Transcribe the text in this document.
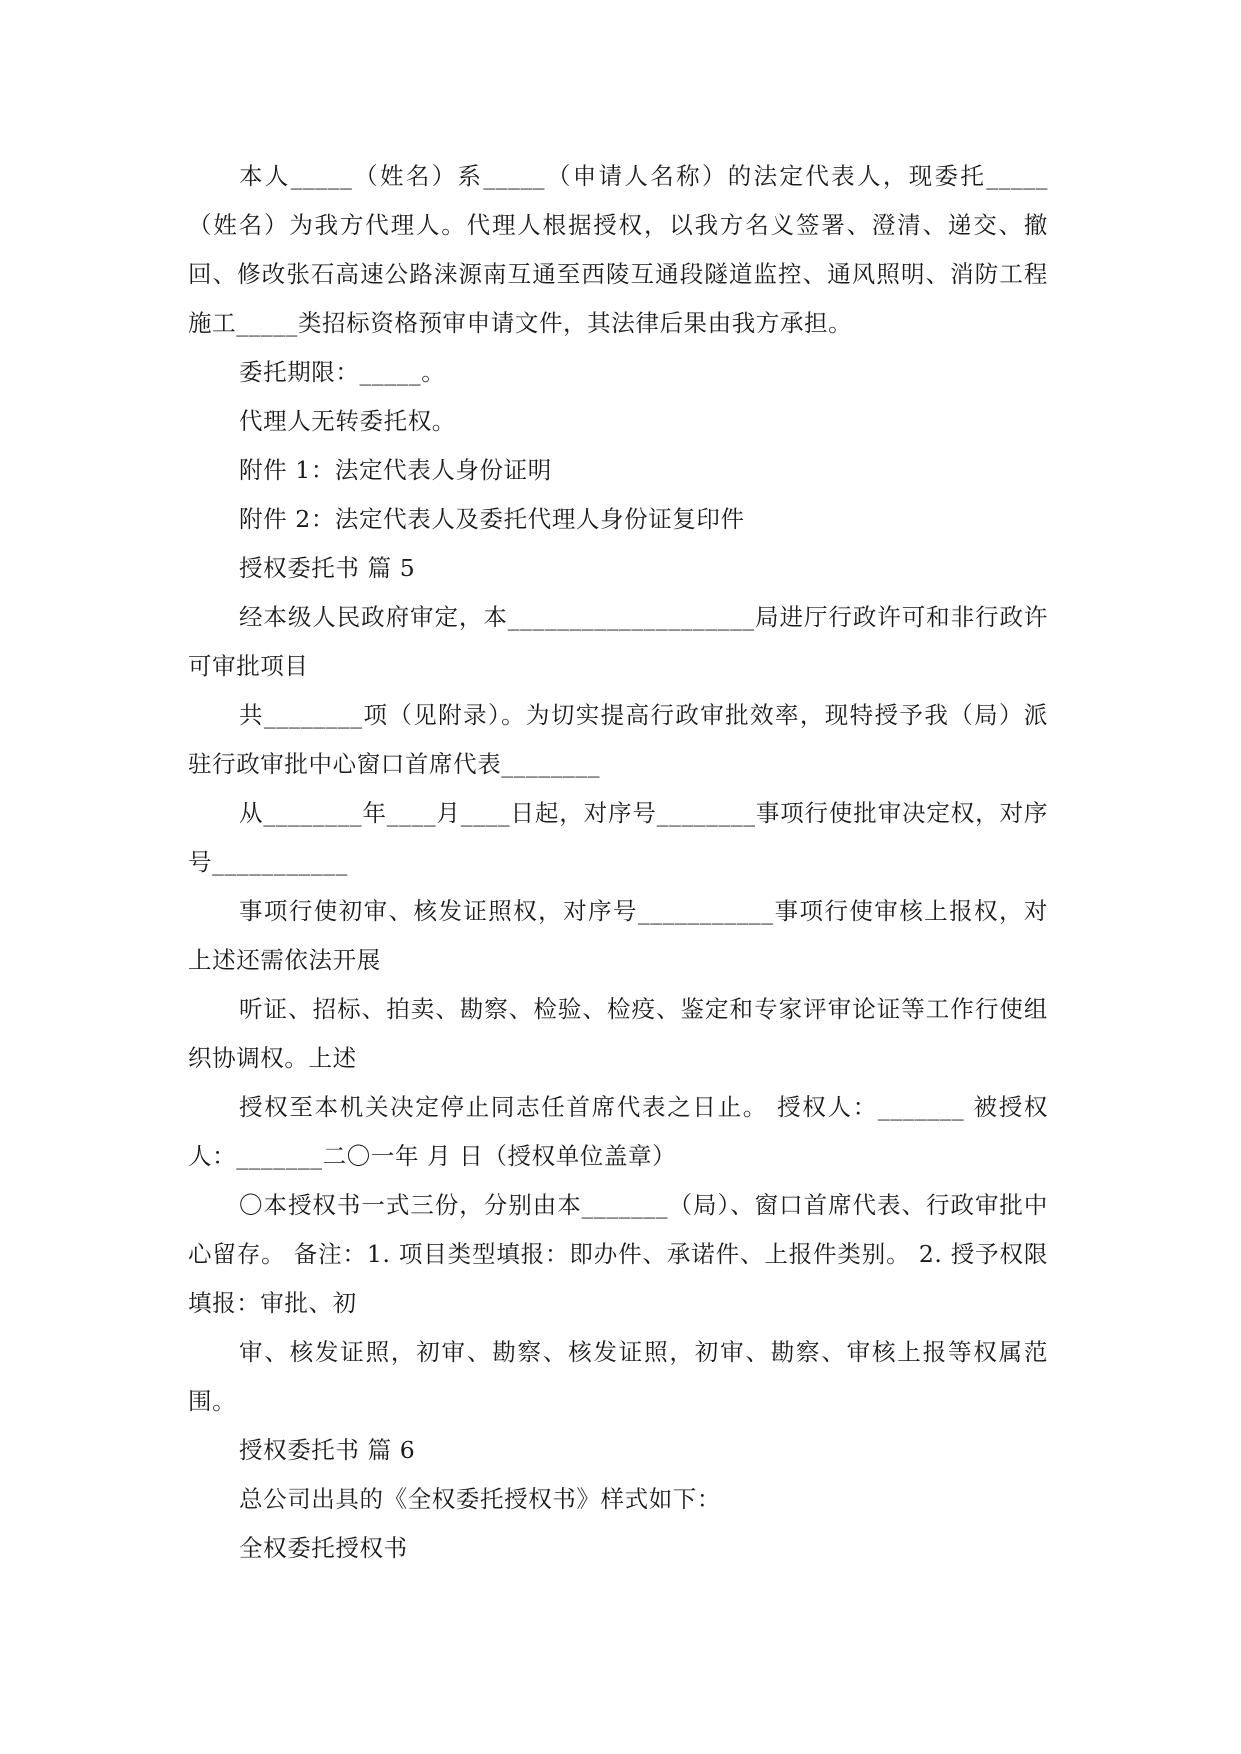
本人_____（姓名）系_____（申请人名称）的法定代表人，现委托_____（姓名）为我方代理人。代理人根据授权，以我方名义签署、澄清、递交、撤回、修改张石高速公路涞源南互通至西陵互通段隧道监控、通风照明、消防工程施工_____类招标资格预审申请文件，其法律后果由我方承担。

委托期限：_____。

代理人无转委托权。

附件 1：法定代表人身份证明

附件 2：法定代表人及委托代理人身份证复印件

授权委托书 篇 5

经本级人民政府审定，本____________________局进厅行政许可和非行政许可审批项目

共________项（见附录）。为切实提高行政审批效率，现特授予我（局）派驻行政审批中心窗口首席代表________

从________年____月____日起，对序号________事项行使批审决定权，对序号___________

事项行使初审、核发证照权，对序号___________事项行使审核上报权，对上述还需依法开展

听证、招标、拍卖、勘察、检验、检疫、鉴定和专家评审论证等工作行使组织协调权。上述

授权至本机关决定停止同志任首席代表之日止。 授权人：_______ 被授权人：_______二〇一年 月 日（授权单位盖章）

〇本授权书一式三份，分别由本_______（局）、窗口首席代表、行政审批中心留存。 备注：1. 项目类型填报：即办件、承诺件、上报件类别。 2. 授予权限填报：审批、初

审、核发证照，初审、勘察、核发证照，初审、勘察、审核上报等权属范围。

授权委托书 篇 6

总公司出具的《全权委托授权书》样式如下：

全权委托授权书
